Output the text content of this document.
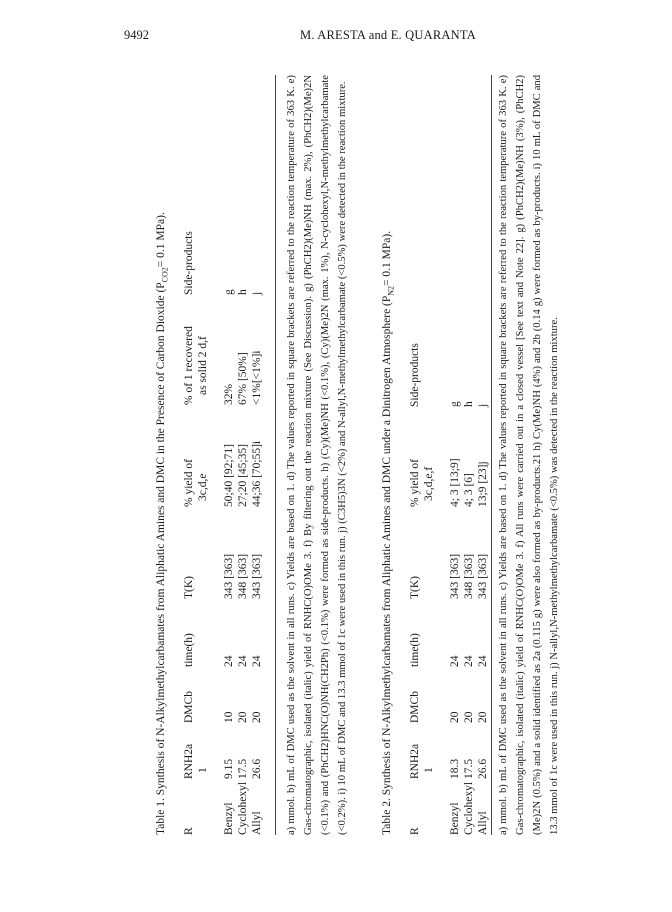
9492	M. ARESTA and E. QUARANTA
Table 1. Synthesis of N-Alkylmethylcarbamates from Aliphatic Amines and DMC in the Presence of Carbon Dioxide ($P_{CO2}= 0.1$ MPa).
R
RNH2a 1
DMCb
time(h)
T(K)
% yield of 3c,d,e
% of 1 recovered as solid 2 d,f
Side-products
Benzyl
9.15
10
24
343 [363]
50;40 [92;71]
32%
g
Cyclohexyl
17.5
20
24
348 [363]
27;20 [45;35]
67% [50%]
h
Allyl
26.6
20
24
343 [363]
44;36 [70;55]i
<1%[<1%]i
j a) mmol. b) mL of DMC used as the solvent in all runs. c) Yields are based on 1. d) The values reported in square brackets are referred to the reaction temperature of 363 K. e) Gas-chromatographic, isolated (italic) yield of RNHC(O)OMe 3. f) By filtering out the reaction mixture (See Discussion). g) (PhCH2)(Me)NH (max. 2%), (PhCH2)(Me)2N (<0.1%) and (PhCH2)HNC(O)NH(CH2Ph) (<0.1%) were formed as side-products. h) (Cy)(Me)NH (<0.1%), (Cy)(Me)2N (max. 1%), N-cyclohexyl,N-methylmethylcarbamate (<0.2%). i) 10 mL of DMC and 13.3 mmol of 1c were used in this run. j) (C3H5)3N (<2%) and N-allyl,N-methylmethylcarbamate (<0.5%) were detected in the reaction mixture.	Table 2. Synthesis of N-Alkylmethylcarbamates from Aliphatic Amines and DMC under a Dinitrogen Atmosphere ($P_{N2}= 0.1$ MPa).
R
RNH2a 1
DMCb
time(h)
T(K)
% yield of 3c,d,e,f
Side-products
Benzyl
18.3
20
24
343 [363]
4; 3 [13;9]
g
Cyclohexyl
17.5
20
24
348 [363]
4; 3 [6]
h
Allyl
26.6
20
24
343 [363]
13;9 [23]j
j a) mmol. b) mL of DMC used as the solvent in all runs. c) Yields are based on 1. d) The values reported in square brackets are referred to the reaction temperature of 363 K. e) Gas-chromatographic, isolated (italic) yield of RNHC(O)OMe 3. f) All runs were carried out in a closed vessel [See text and Note 22]. g) (PhCH2)(Me)NH (3%), (PhCH2)(Me)2N (0.5%) and a solid identified as 2a (0.115 g) were also formed as by-products.21 h) Cy(Me)NH (4%) and 2b (0.14 g) were formed as by-products. i) 10 mL of DMC and 13.3 mmol of 1c were used in this run. j) N-allyl,N-methylmethylcarbamate (<0.5%) was detected in the reaction mixture.
